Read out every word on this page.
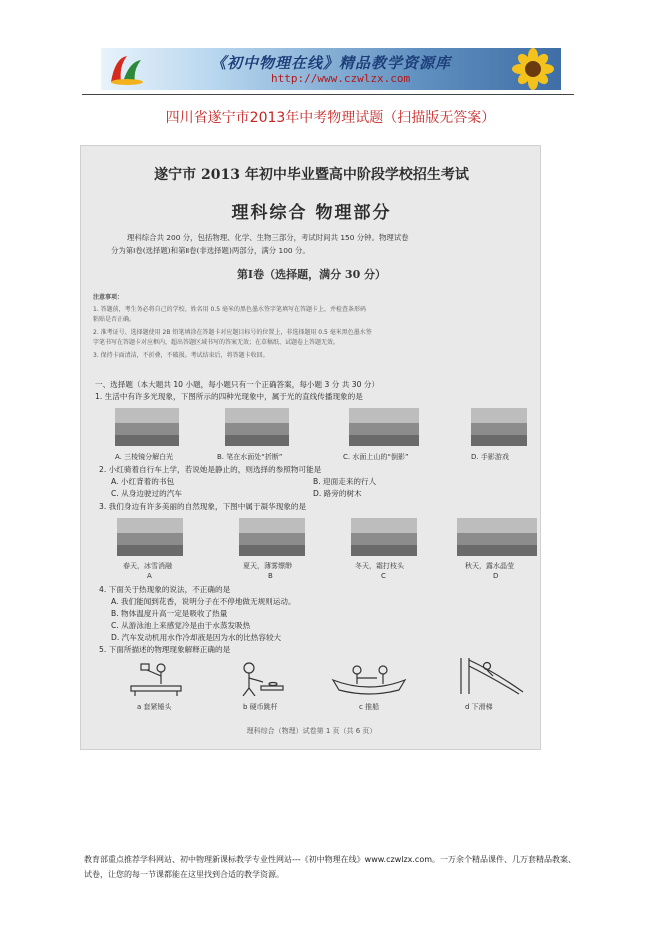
《初中物理在线》精品教学资源库
http://www.czwlzx.com
四川省遂宁市2013年中考物理试题（扫描版无答案）
遂宁市 2013 年初中毕业暨高中阶段学校招生考试
理科综合 物理部分
理科综合共 200 分，包括物理、化学、生物三部分，考试时间共 150 分钟。物理试卷
分为第Ⅰ卷(选择题)和第Ⅱ卷(非选择题)两部分，满分 100 分。
第Ⅰ卷（选择题，满分 30 分）
注意事项：
1. 答题前，考生务必将自己的学校、姓名用 0.5 毫米的黑色墨水签字笔填写在答题卡上，并检查条形码
粘贴是否正确。
2. 准考证号、选择题使用 2B 铅笔填涂在答题卡对应题目标号的位置上，非选择题用 0.5 毫米黑色墨水签
字笔书写在答题卡对应框内，超出答题区域书写的答案无效；在草稿纸、试题卷上答题无效。
3. 保持卡面清洁，不折叠，不破损。考试结束后，将答题卡收回。
一、选择题（本大题共 10 小题，每小题只有一个正确答案，每小题 3 分 共 30 分）
1. 生活中有许多光现象，下图所示的四种光现象中，属于光的直线传播现象的是
A. 三棱镜分解白光	B. 笔在水面处“折断”	C. 水面上山的“倒影”	D. 手影游戏
2. 小红骑着自行车上学，若说她是静止的，则选择的参照物可能是
A. 小红背着的书包	B. 迎面走来的行人
C. 从身边驶过的汽车	D. 路旁的树木
3. 我们身边有许多美丽的自然现象，下图中属于凝华现象的是
春天，冰雪消融	夏天，薄雾缥缈	冬天，霜打枝头	秋天，露水晶莹
A	B	C	D
4. 下面关于热现象的说法，不正确的是
A. 我们能闻到花香，说明分子在不停地做无规则运动。
B. 物体温度升高一定是吸收了热量
C. 从游泳池上来感觉冷是由于水蒸发吸热
D. 汽车发动机用水作冷却液是因为水的比热容较大
5. 下面所描述的物理现象解释正确的是
a 套紧锤头	b 硬币跳杆	c 推船	d 下滑梯
理科综合（物理）试卷第 1 页（共 6 页）
教育部重点推荐学科网站、初中物理新课标教学专业性网站---《初中物理在线》www.czwlzx.com。一万余个精品课件、几万套精品教案、试卷，让您的每一节课都能在这里找到合适的教学资源。
